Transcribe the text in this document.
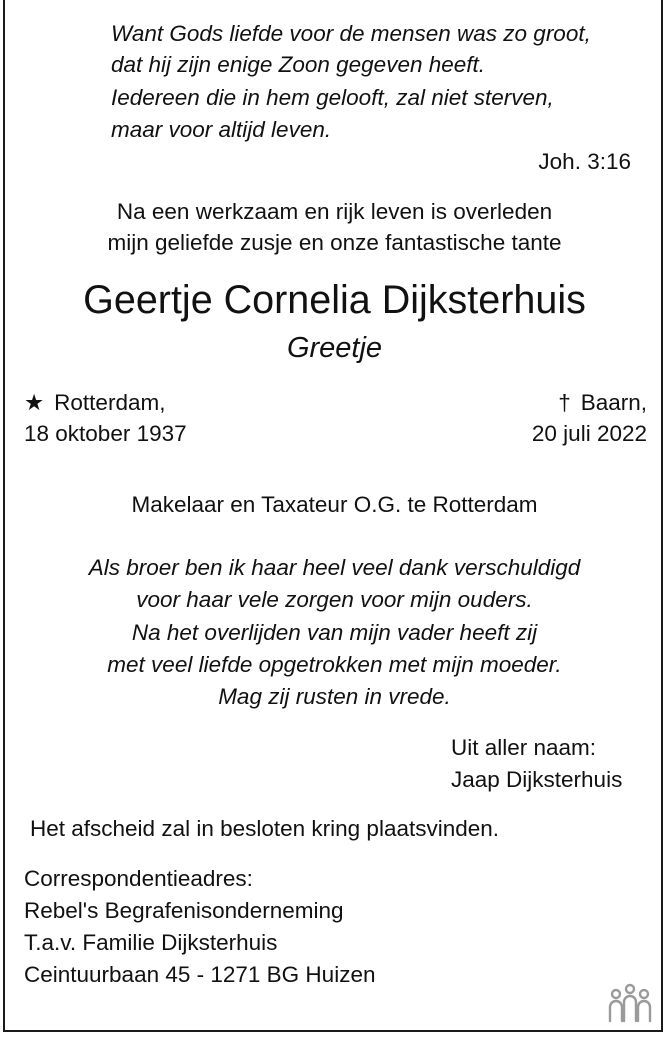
Want Gods liefde voor de mensen was zo groot,
dat hij zijn enige Zoon gegeven heeft.
Iedereen die in hem gelooft, zal niet sterven,
maar voor altijd leven.
Joh. 3:16
Na een werkzaam en rijk leven is overleden
mijn geliefde zusje en onze fantastische tante
Geertje Cornelia Dijksterhuis
Greetje
★ Rotterdam,
18 oktober 1937
† Baarn,
20 juli 2022
Makelaar en Taxateur O.G. te Rotterdam
Als broer ben ik haar heel veel dank verschuldigd
voor haar vele zorgen voor mijn ouders.
Na het overlijden van mijn vader heeft zij
met veel liefde opgetrokken met mijn moeder.
Mag zij rusten in vrede.
Uit aller naam:
Jaap Dijksterhuis
Het afscheid zal in besloten kring plaatsvinden.
Correspondentieadres:
Rebel's Begrafenisonderneming
T.a.v. Familie Dijksterhuis
Ceintuurbaan 45 - 1271 BG Huizen
